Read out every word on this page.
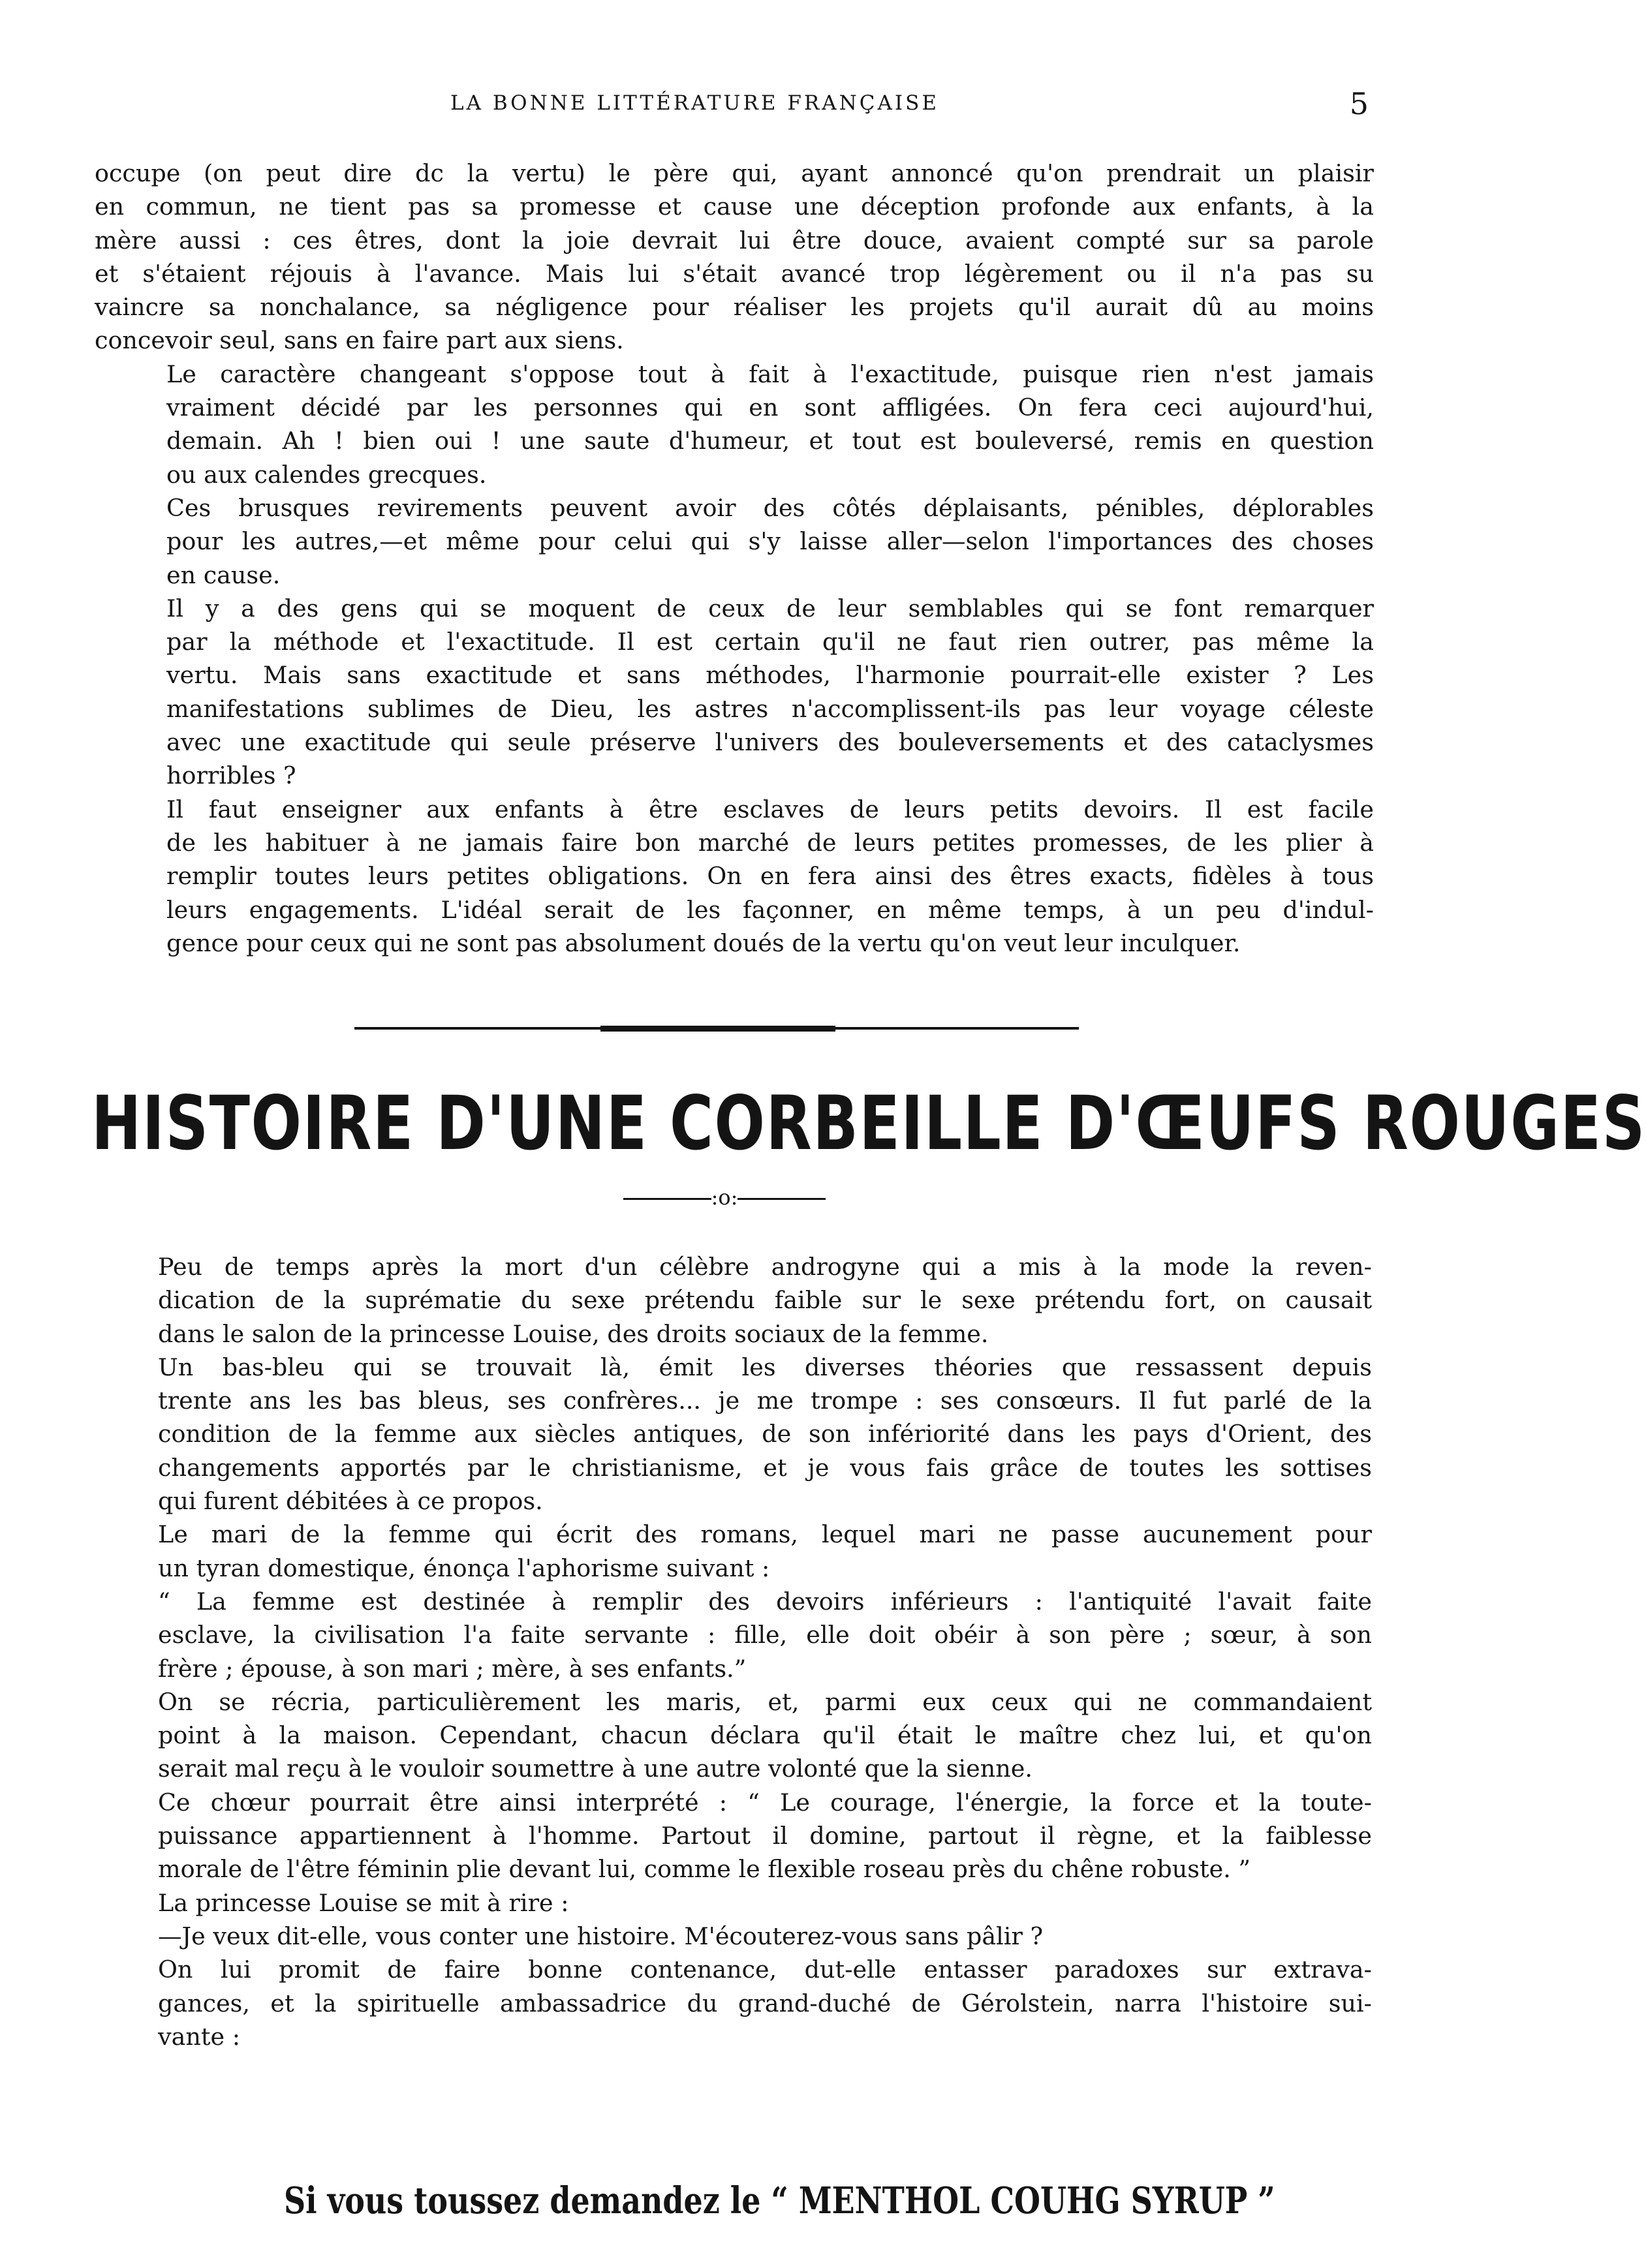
LA BONNE LITTÉRATURE FRANÇAISE	5

occupe (on peut dire dc la vertu) le père qui, ayant annoncé qu'on prendrait un plaisir
en commun, ne tient pas sa promesse et cause une déception profonde aux enfants, à la
mère aussi : ces êtres, dont la joie devrait lui être douce, avaient compté sur sa parole
et s'étaient réjouis à l'avance. Mais lui s'était avancé trop légèrement ou il n'a pas su
vaincre sa nonchalance, sa négligence pour réaliser les projets qu'il aurait dû au moins
concevoir seul, sans en faire part aux siens.

Le caractère changeant s'oppose tout à fait à l'exactitude, puisque rien n'est jamais
vraiment décidé par les personnes qui en sont affligées. On fera ceci aujourd'hui,
demain. Ah ! bien oui ! une saute d'humeur, et tout est bouleversé, remis en question
ou aux calendes grecques.

Ces brusques revirements peuvent avoir des côtés déplaisants, pénibles, déplorables
pour les autres,—et même pour celui qui s'y laisse aller—selon l'importances des choses
en cause.

Il y a des gens qui se moquent de ceux de leur semblables qui se font remarquer
par la méthode et l'exactitude. Il est certain qu'il ne faut rien outrer, pas même la
vertu. Mais sans exactitude et sans méthodes, l'harmonie pourrait-elle exister ? Les
manifestations sublimes de Dieu, les astres n'accomplissent-ils pas leur voyage céleste
avec une exactitude qui seule préserve l'univers des bouleversements et des cataclysmes
horribles ?

Il faut enseigner aux enfants à être esclaves de leurs petits devoirs. Il est facile
de les habituer à ne jamais faire bon marché de leurs petites promesses, de les plier à
remplir toutes leurs petites obligations. On en fera ainsi des êtres exacts, fidèles à tous
leurs engagements. L'idéal serait de les façonner, en même temps, à un peu d'indul-
gence pour ceux qui ne sont pas absolument doués de la vertu qu'on veut leur inculquer.

HISTOIRE D'UNE CORBEILLE D'ŒUFS ROUGES
:o:

Peu de temps après la mort d'un célèbre androgyne qui a mis à la mode la reven-
dication de la suprématie du sexe prétendu faible sur le sexe prétendu fort, on causait
dans le salon de la princesse Louise, des droits sociaux de la femme.

Un bas-bleu qui se trouvait là, émit les diverses théories que ressassent depuis
trente ans les bas bleus, ses confrères... je me trompe : ses consœurs. Il fut parlé de la
condition de la femme aux siècles antiques, de son infériorité dans les pays d'Orient, des
changements apportés par le christianisme, et je vous fais grâce de toutes les sottises
qui furent débitées à ce propos.

Le mari de la femme qui écrit des romans, lequel mari ne passe aucunement pour
un tyran domestique, énonça l'aphorisme suivant :

“ La femme est destinée à remplir des devoirs inférieurs : l'antiquité l'avait faite
esclave, la civilisation l'a faite servante : fille, elle doit obéir à son père ; sœur, à son
frère ; épouse, à son mari ; mère, à ses enfants.”

On se récria, particulièrement les maris, et, parmi eux ceux qui ne commandaient
point à la maison. Cependant, chacun déclara qu'il était le maître chez lui, et qu'on
serait mal reçu à le vouloir soumettre à une autre volonté que la sienne.

Ce chœur pourrait être ainsi interprété : “ Le courage, l'énergie, la force et la toute-
puissance appartiennent à l'homme. Partout il domine, partout il règne, et la faiblesse
morale de l'être féminin plie devant lui, comme le flexible roseau près du chêne robuste. ”

La princesse Louise se mit à rire :

—Je veux dit-elle, vous conter une histoire. M'écouterez-vous sans pâlir ?

On lui promit de faire bonne contenance, dut-elle entasser paradoxes sur extrava-
gances, et la spirituelle ambassadrice du grand-duché de Gérolstein, narra l'histoire sui-
vante :

Si vous toussez demandez le “ MENTHOL COUHG SYRUP ”
